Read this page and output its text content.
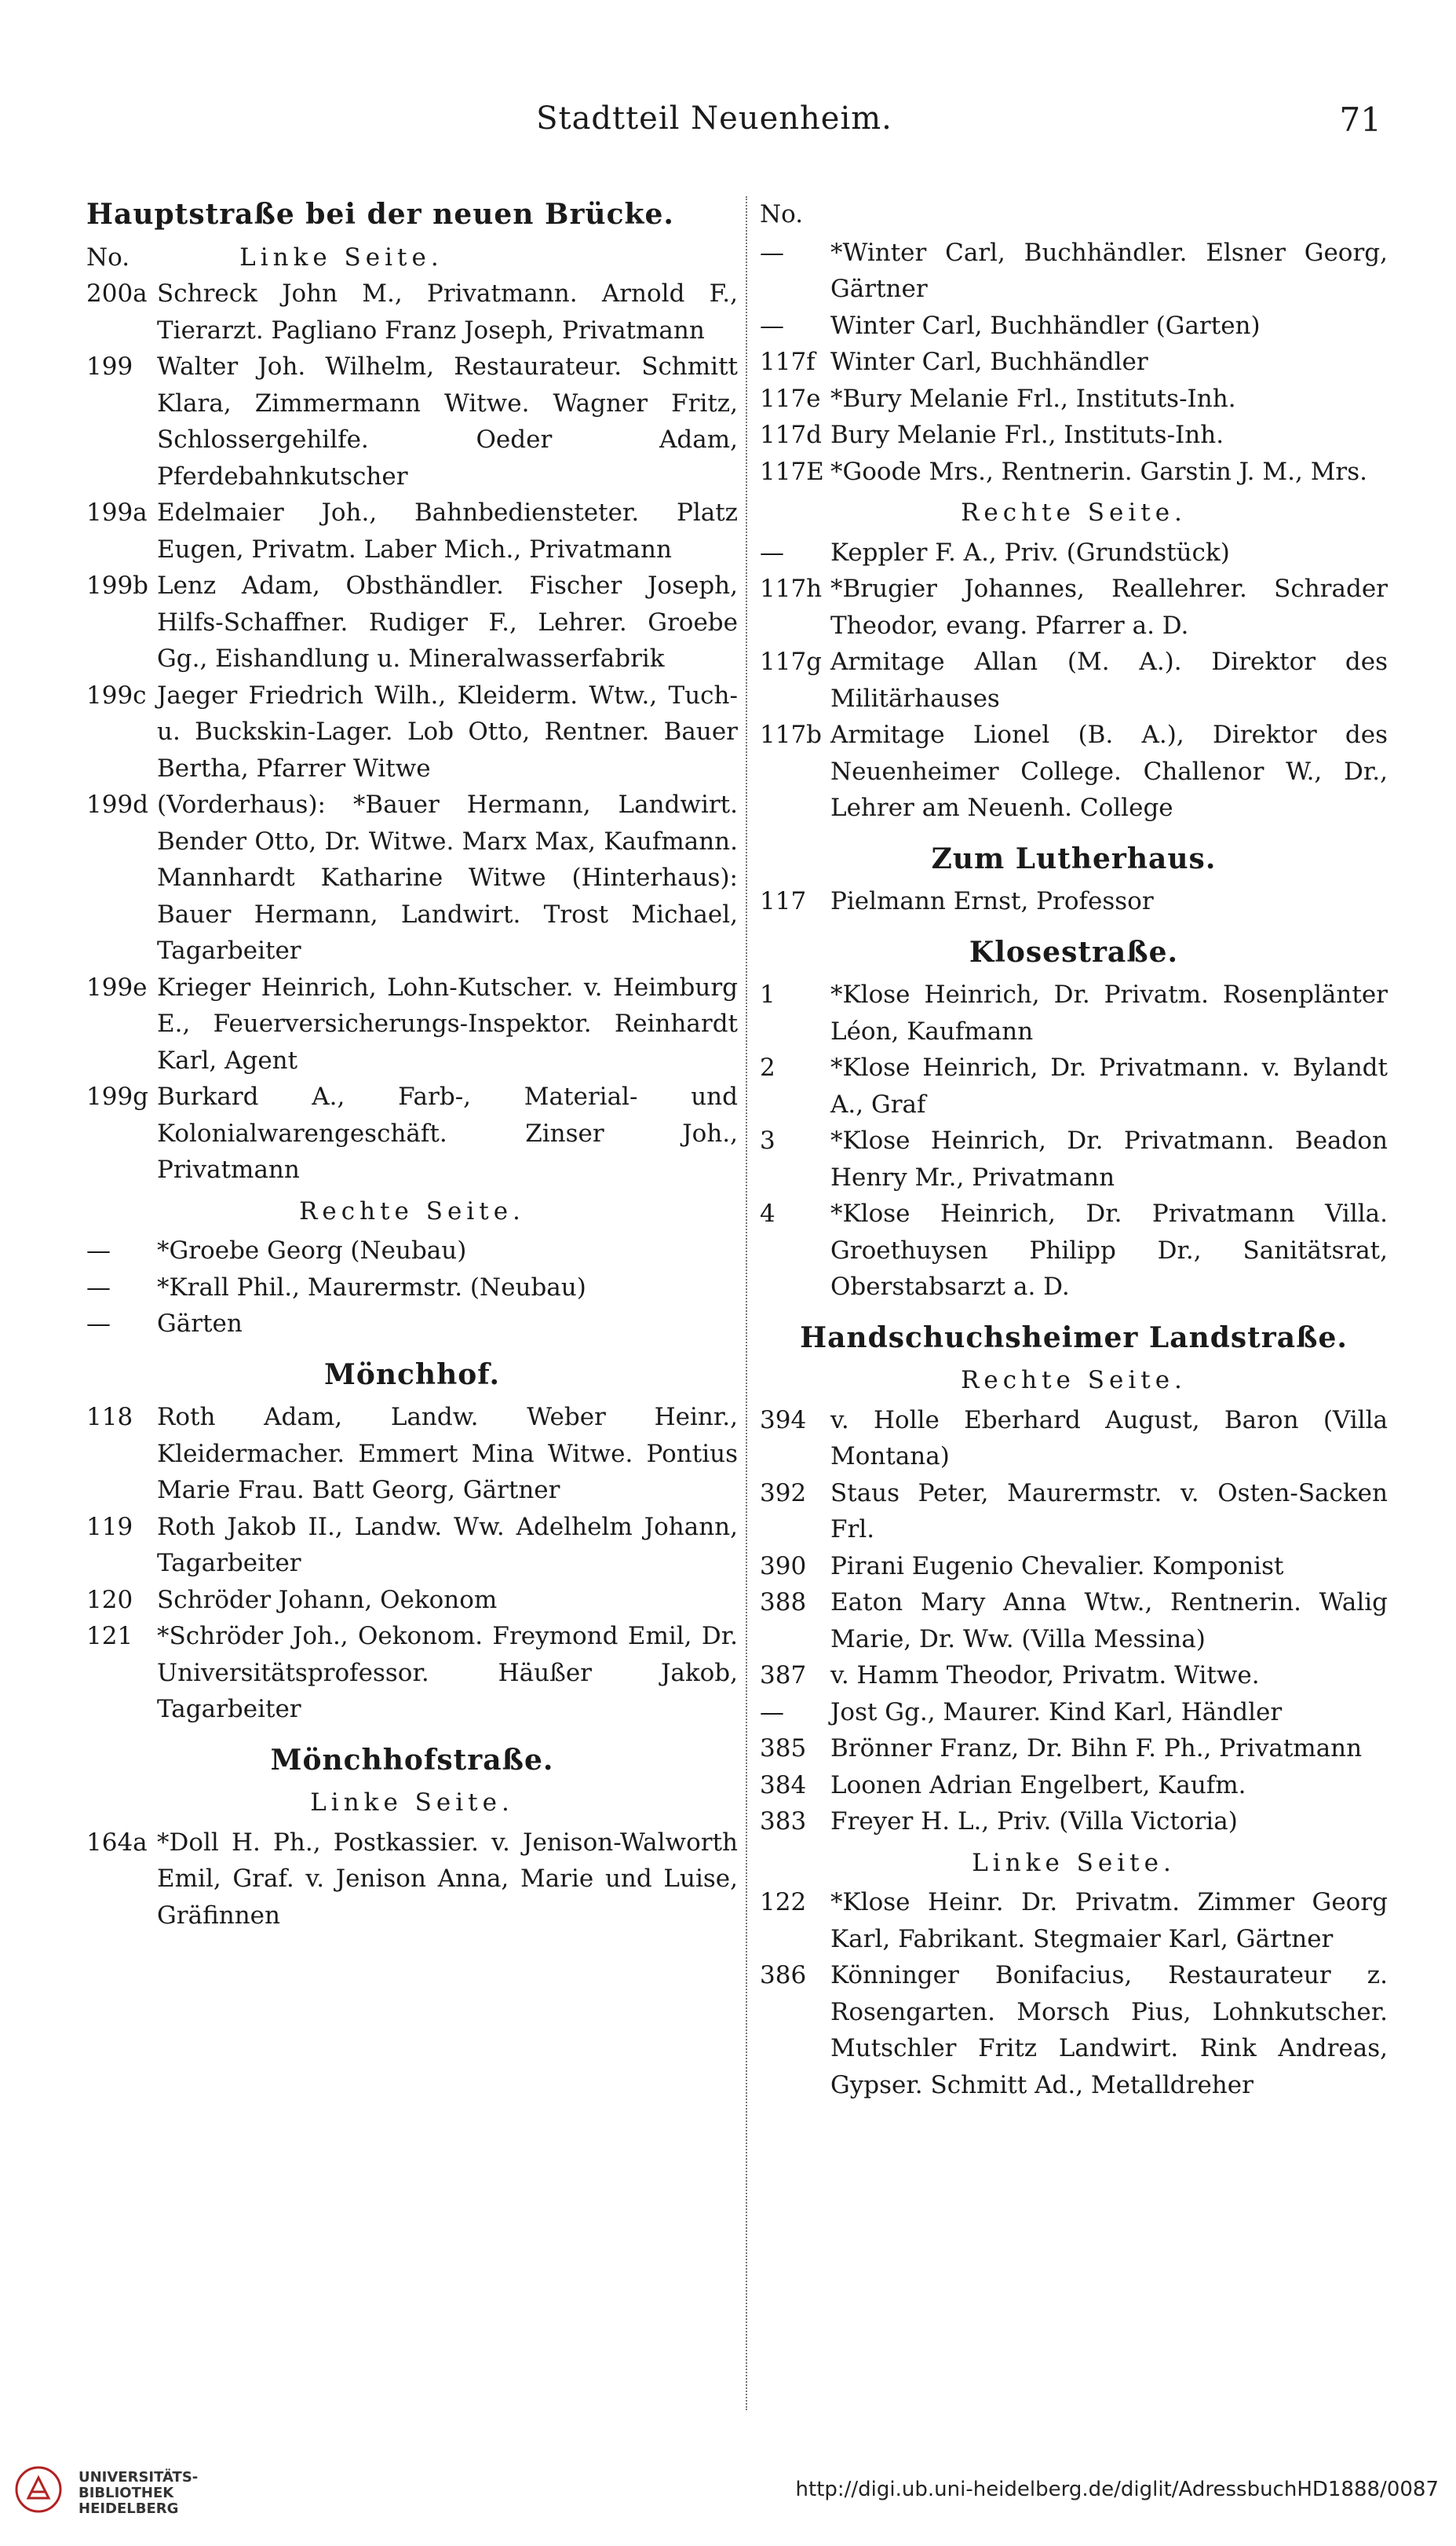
Stadtteil Neuenheim.	71
Hauptstraße bei der neuen Brücke.
No.	Linke Seite.
200a Schreck John M., Privatmann. Arnold F., Tierarzt. Pagliano Franz Joseph, Privatmann
199 Walter Joh. Wilhelm, Restaurateur. Schmitt Klara, Zimmermann Witwe. Wagner Fritz, Schlossergehilfe. Oeder Adam, Pferdebahnkutscher
199a Edelmaier Joh., Bahnbediensteter. Platz Eugen, Privatm. Laber Mich., Privatmann
199b Lenz Adam, Obsthändler. Fischer Joseph, Hilfs-Schaffner. Rudiger F., Lehrer. Groebe Gg., Eishandlung u. Mineralwasserfabrik
199c Jaeger Friedrich Wilh., Kleiderm. Wtw., Tuch- u. Buckskin-Lager. Lob Otto, Rentner. Bauer Bertha, Pfarrer Witwe
199d (Vorderhaus): *Bauer Hermann, Landwirt. Bender Otto, Dr. Witwe. Marx Max, Kaufmann. Mannhardt Katharine Witwe (Hinterhaus): Bauer Hermann, Landwirt. Trost Michael, Tagarbeiter
199e Krieger Heinrich, Lohn-Kutscher. v. Heimburg E., Feuerversicherungs-Inspektor. Reinhardt Karl, Agent
199g Burkard A., Farb-, Material- und Kolonialwarengeschäft. Zinser Joh., Privatmann
Rechte Seite.
—	*Groebe Georg (Neubau)
—	*Krall Phil., Maurermstr. (Neubau)
—	Gärten
Mönchhof.
118 Roth Adam, Landw. Weber Heinr., Kleidermacher. Emmert Mina Witwe. Pontius Marie Frau. Batt Georg, Gärtner
119 Roth Jakob II., Landw. Ww. Adelhelm Johann, Tagarbeiter
120 Schröder Johann, Oekonom
121 *Schröder Joh., Oekonom. Freymond Emil, Dr. Universitätsprofessor. Häußer Jakob, Tagarbeiter
Mönchhofstraße.
Linke Seite.
164a *Doll H. Ph., Postkassier. v. Jenison-Walworth Emil, Graf. v. Jenison Anna, Marie und Luise, Gräfinnen
No.
—	*Winter Carl, Buchhändler. Elsner Georg, Gärtner
—	Winter Carl, Buchhändler (Garten)
117f Winter Carl, Buchhändler
117e *Bury Melanie Frl., Instituts-Inh.
117d Bury Melanie Frl., Instituts-Inh.
117E *Goode Mrs., Rentnerin. Garstin J. M., Mrs.
Rechte Seite.
—	Keppler F. A., Priv. (Grundstück)
117h *Brugier Johannes, Reallehrer. Schrader Theodor, evang. Pfarrer a. D.
117g Armitage Allan (M. A.). Direktor des Militärhauses
117b Armitage Lionel (B. A.), Direktor des Neuenheimer College. Challenor W., Dr., Lehrer am Neuenh. College
Zum Lutherhaus.
117 Pielmann Ernst, Professor
Klosestraße.
1	*Klose Heinrich, Dr. Privatm. Rosenplänter Léon, Kaufmann
2	*Klose Heinrich, Dr. Privatmann. v. Bylandt A., Graf
3	*Klose Heinrich, Dr. Privatmann. Beadon Henry Mr., Privatmann
4	*Klose Heinrich, Dr. Privatmann Villa. Groethuysen Philipp Dr., Sanitätsrat, Oberstabsarzt a. D.
Handschuchsheimer Landstraße.
Rechte Seite.
394 v. Holle Eberhard August, Baron (Villa Montana)
392 Staus Peter, Maurermstr. v. Osten-Sacken Frl.
390 Pirani Eugenio Chevalier. Komponist
388 Eaton Mary Anna Wtw., Rentnerin. Walig Marie, Dr. Ww. (Villa Messina)
387 v. Hamm Theodor, Privatm. Witwe.
—	Jost Gg., Maurer. Kind Karl, Händler
385 Brönner Franz, Dr. Bihn F. Ph., Privatmann
384 Loonen Adrian Engelbert, Kaufm.
383 Freyer H. L., Priv. (Villa Victoria)
Linke Seite.
122 *Klose Heinr. Dr. Privatm. Zimmer Georg Karl, Fabrikant. Stegmaier Karl, Gärtner
386 Könninger Bonifacius, Restaurateur z. Rosengarten. Morsch Pius, Lohnkutscher. Mutschler Fritz Landwirt. Rink Andreas, Gypser. Schmitt Ad., Metalldreher
UNIVERSITÄTS-
BIBLIOTHEK
HEIDELBERG
http://digi.ub.uni-heidelberg.de/diglit/AdressbuchHD1888/0087
